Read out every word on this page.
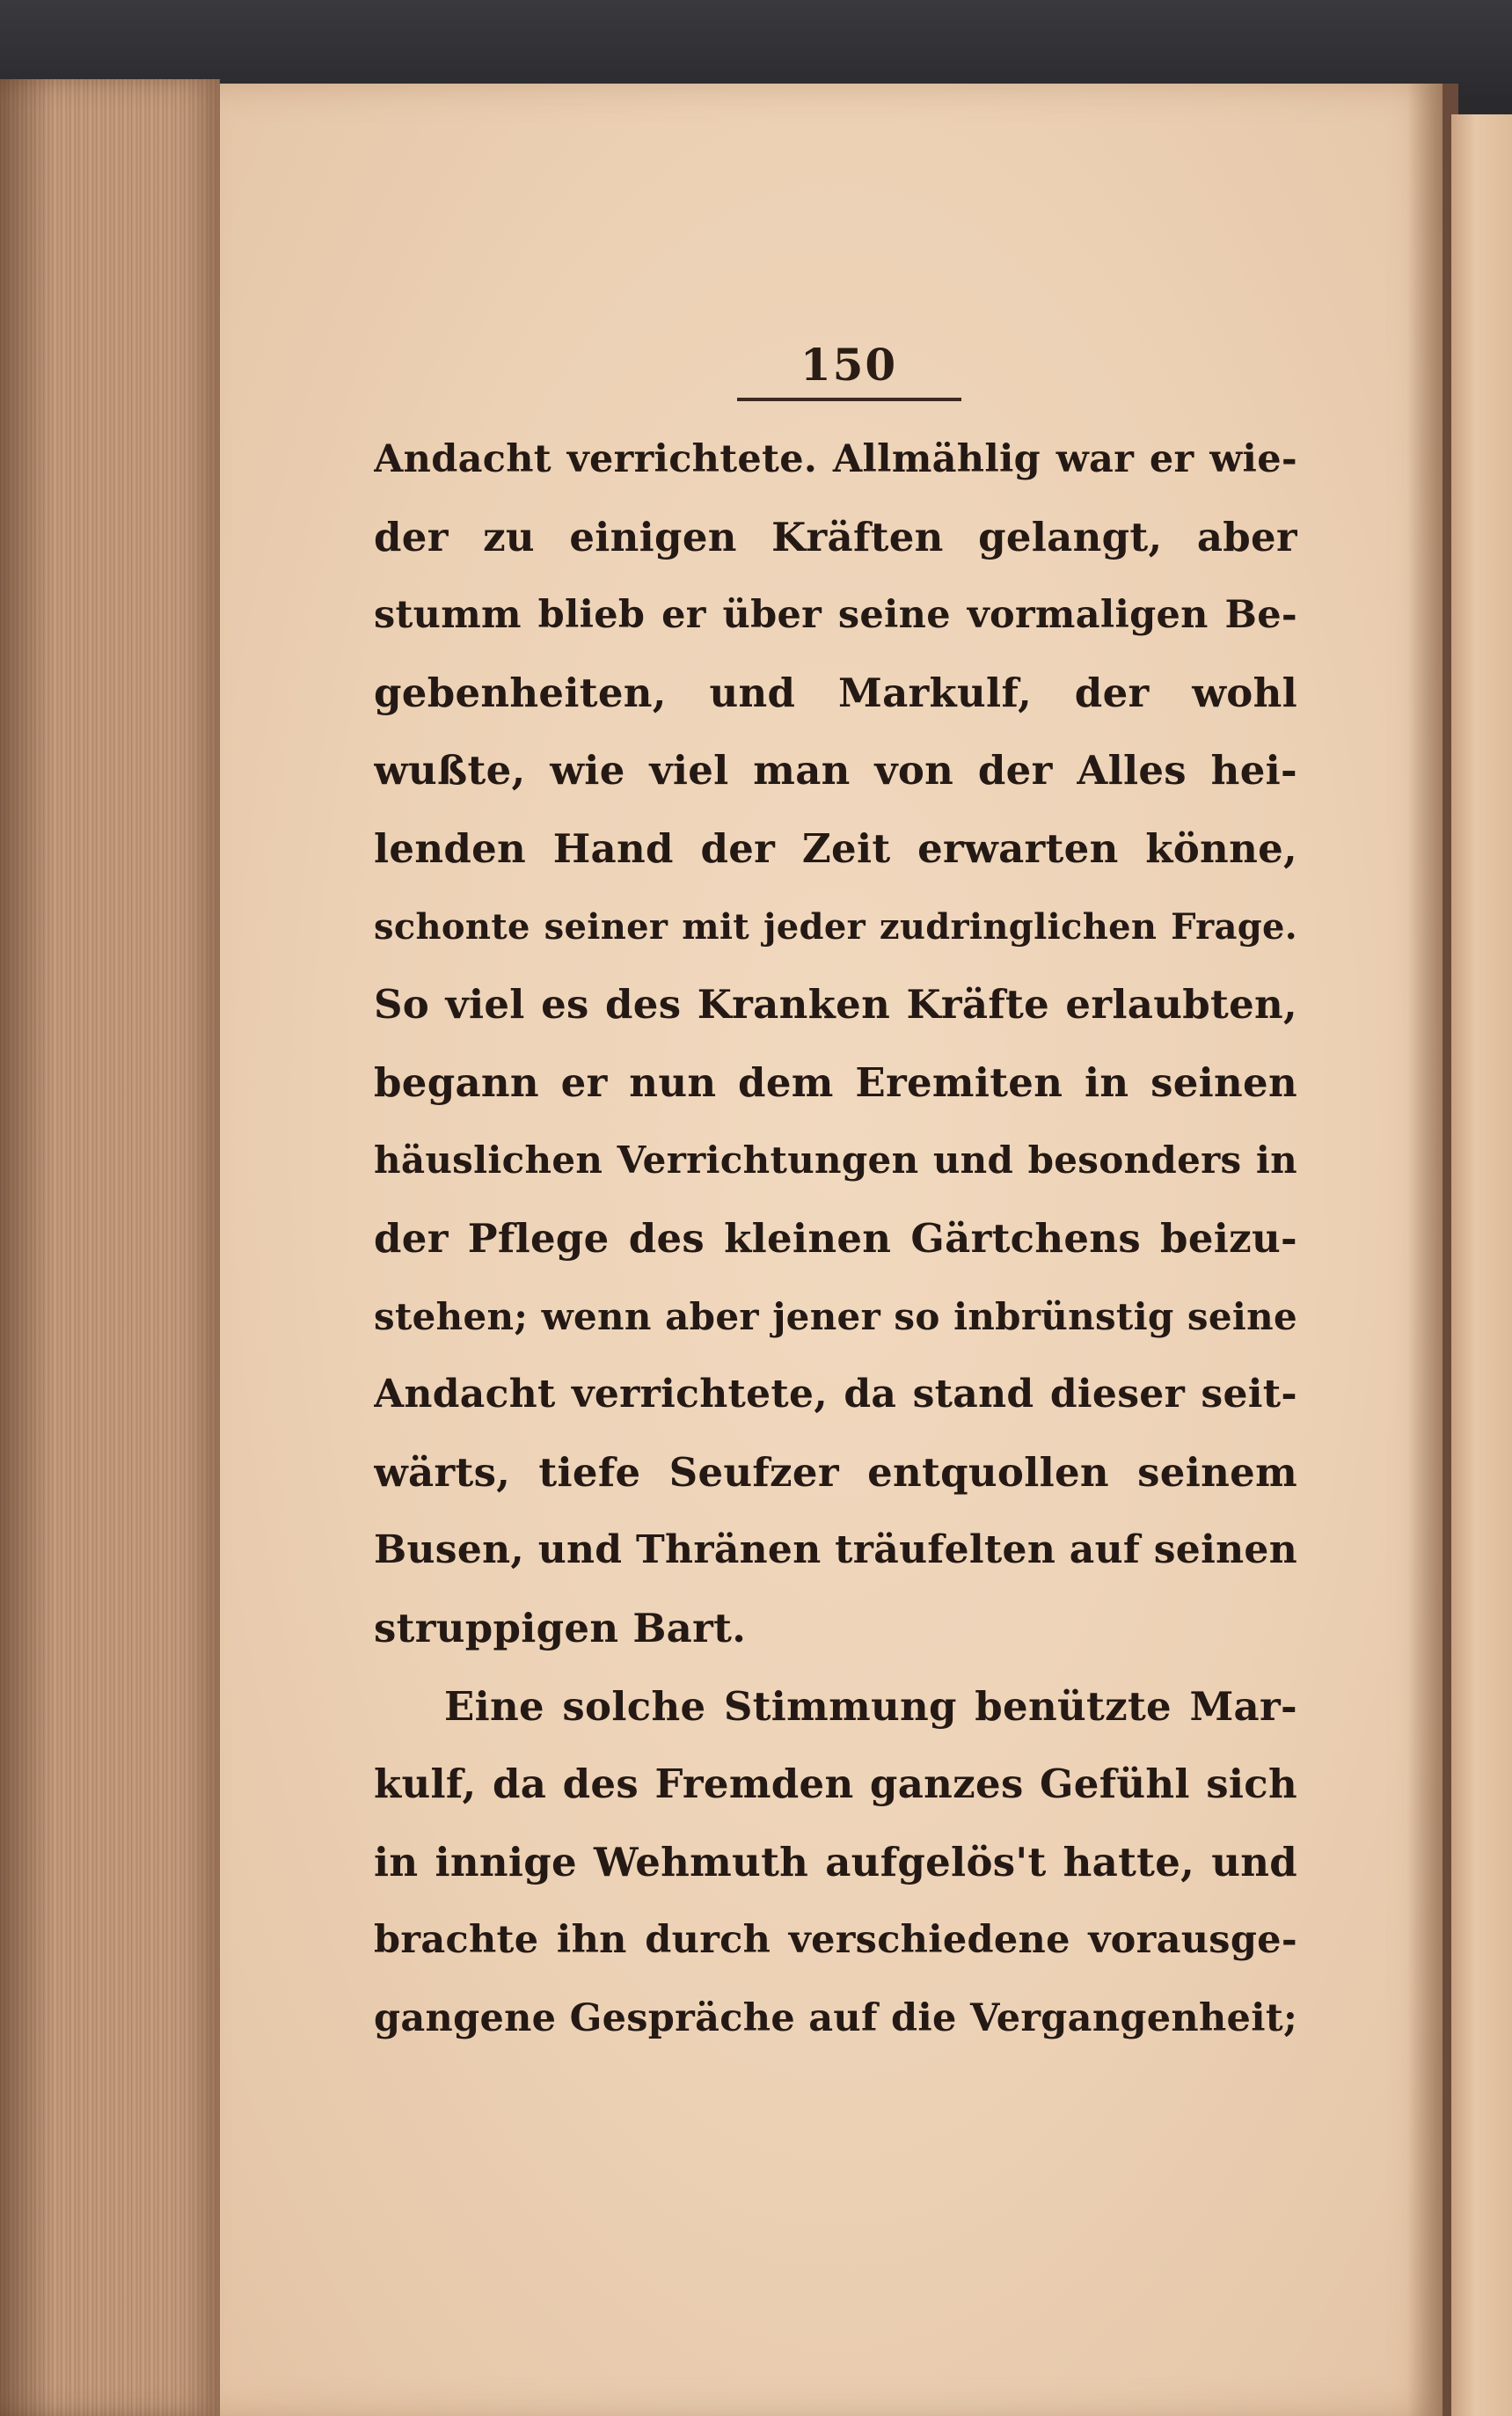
150
Andacht verrichtete. Allmählig war er wie-
der zu einigen Kräften gelangt, aber
stumm blieb er über seine vormaligen Be-
gebenheiten, und Markulf, der wohl
wußte, wie viel man von der Alles hei-
lenden Hand der Zeit erwarten könne,
schonte seiner mit jeder zudringlichen Frage.
So viel es des Kranken Kräfte erlaubten,
begann er nun dem Eremiten in seinen
häuslichen Verrichtungen und besonders in
der Pflege des kleinen Gärtchens beizu-
stehen; wenn aber jener so inbrünstig seine
Andacht verrichtete, da stand dieser seit-
wärts, tiefe Seufzer entquollen seinem
Busen, und Thränen träufelten auf seinen
struppigen Bart.
Eine solche Stimmung benützte Mar-
kulf, da des Fremden ganzes Gefühl sich
in innige Wehmuth aufgelös't hatte, und
brachte ihn durch verschiedene vorausge-
gangene Gespräche auf die Vergangenheit;
